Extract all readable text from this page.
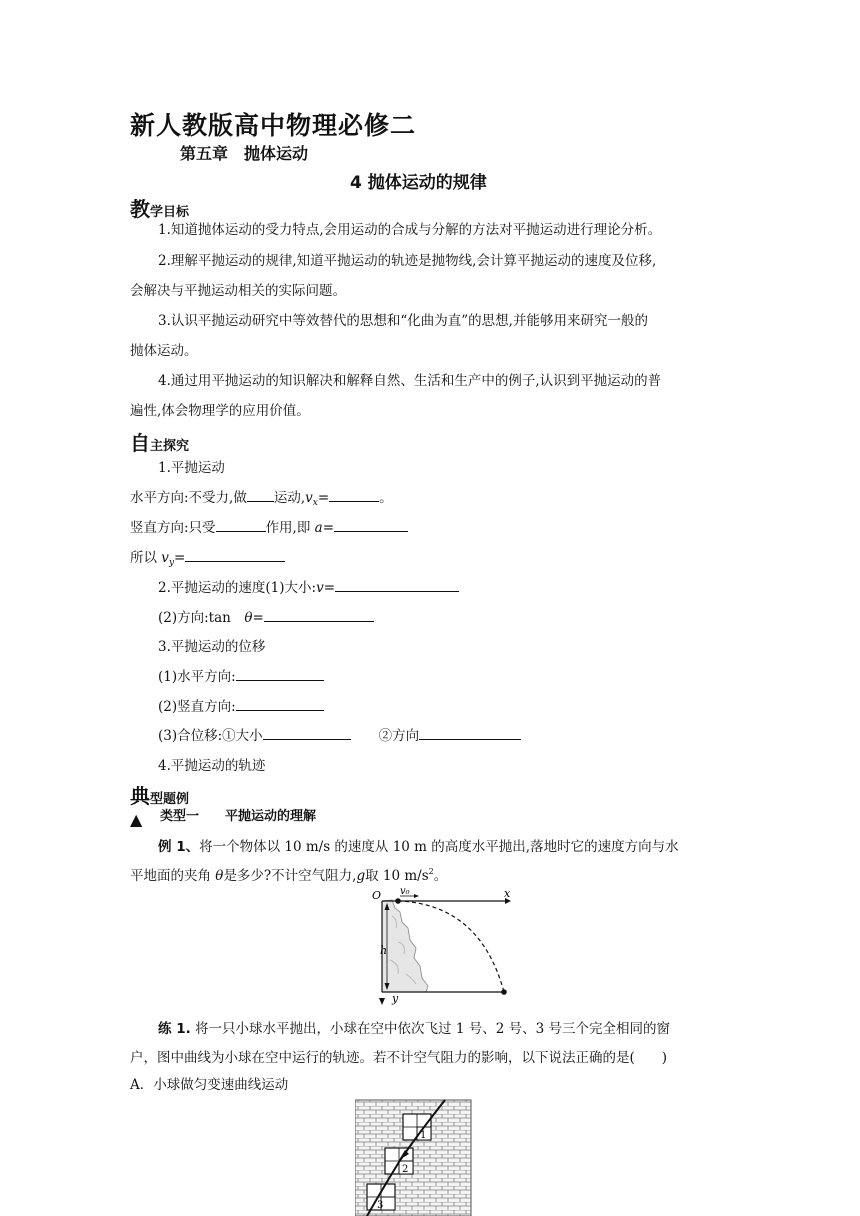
新人教版高中物理必修二
第五章　抛体运动
4 抛体运动的规律
教学目标
1.知道抛体运动的受力特点,会用运动的合成与分解的方法对平抛运动进行理论分析。
2.理解平抛运动的规律,知道平抛运动的轨迹是抛物线,会计算平抛运动的速度及位移,
会解决与平抛运动相关的实际问题。
3.认识平抛运动研究中等效替代的思想和“化曲为直”的思想,并能够用来研究一般的
抛体运动。
4.通过用平抛运动的知识解决和解释自然、生活和生产中的例子,认识到平抛运动的普
遍性,体会物理学的应用价值。
自主探究
1.平抛运动
水平方向:不受力,做 运动$,v_x=$	。
竖直方向:只受	作用,即 a=
所以 $v_y=$
2.平抛运动的速度(1)大小:v=
(2)方向:tan　θ=
3.平抛运动的位移
(1)水平方向:
(2)竖直方向:
(3)合位移:①大小	②方向
4.平抛运动的轨迹
典型题例
▲ 类型一　　平抛运动的理解
例 1、将一个物体以 10 m/s 的速度从 10 m 的高度水平抛出,落地时它的速度方向与水
平地面的夹角 θ是多少?不计空气阻力,g取 10 $m/s^2$。
h
O v₀	x
y
练 1. 将一只小球水平抛出，小球在空中依次飞过 1 号、2 号、3 号三个完全相同的窗
户，图中曲线为小球在空中运行的轨迹。若不计空气阻力的影响，以下说法正确的是(　　)
A．小球做匀变速曲线运动
1
2
3
